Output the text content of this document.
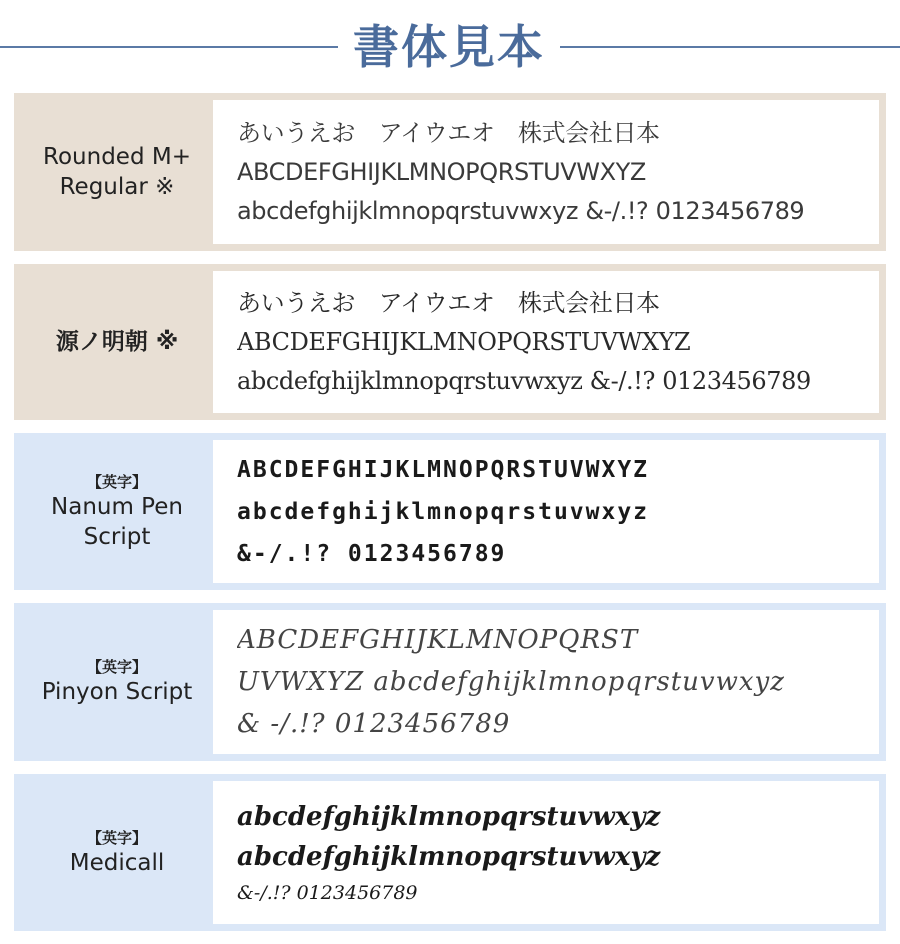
書体見本
Rounded M+
Regular ※
あいうえお　アイウエオ　株式会社日本
ABCDEFGHIJKLMNOPQRSTUVWXYZ
abcdefghijklmnopqrstuvwxyz &-/.!? 0123456789
源ノ明朝 ※
あいうえお　アイウエオ　株式会社日本
ABCDEFGHIJKLMNOPQRSTUVWXYZ
abcdefghijklmnopqrstuvwxyz &-/.!? 0123456789
【英字】
Nanum Pen
Script
ABCDEFGHIJKLMNOPQRSTUVWXYZ
abcdefghijklmnopqrstuvwxyz
&-/.!? 0123456789
【英字】
Pinyon Script
ABCDEFGHIJKLMNOPQRST
UVWXYZ abcdefghijklmnopqrstuvwxyz
& -/.!? 0123456789
【英字】
Medicall
abcdefghijklmnopqrstuvwxyz
abcdefghijklmnopqrstuvwxyz
&-/.!? 0123456789
